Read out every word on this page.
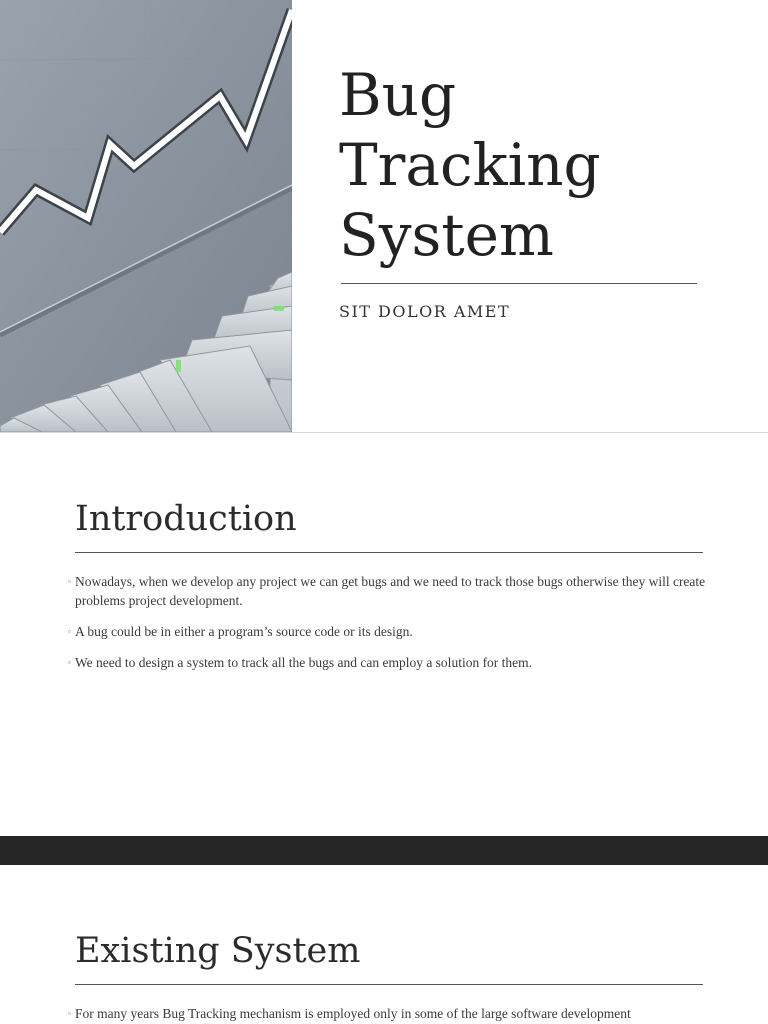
Bug
Tracking
System
SIT DOLOR AMET
Introduction
▫ Nowadays, when we develop any project we can get bugs and we need to track those bugs otherwise they will create problems project development.
▫ A bug could be in either a program’s source code or its design.
▫ We need to design a system to track all the bugs and can employ a solution for them.
Existing System
▫ For many years Bug Tracking mechanism is employed only in some of the large software development
